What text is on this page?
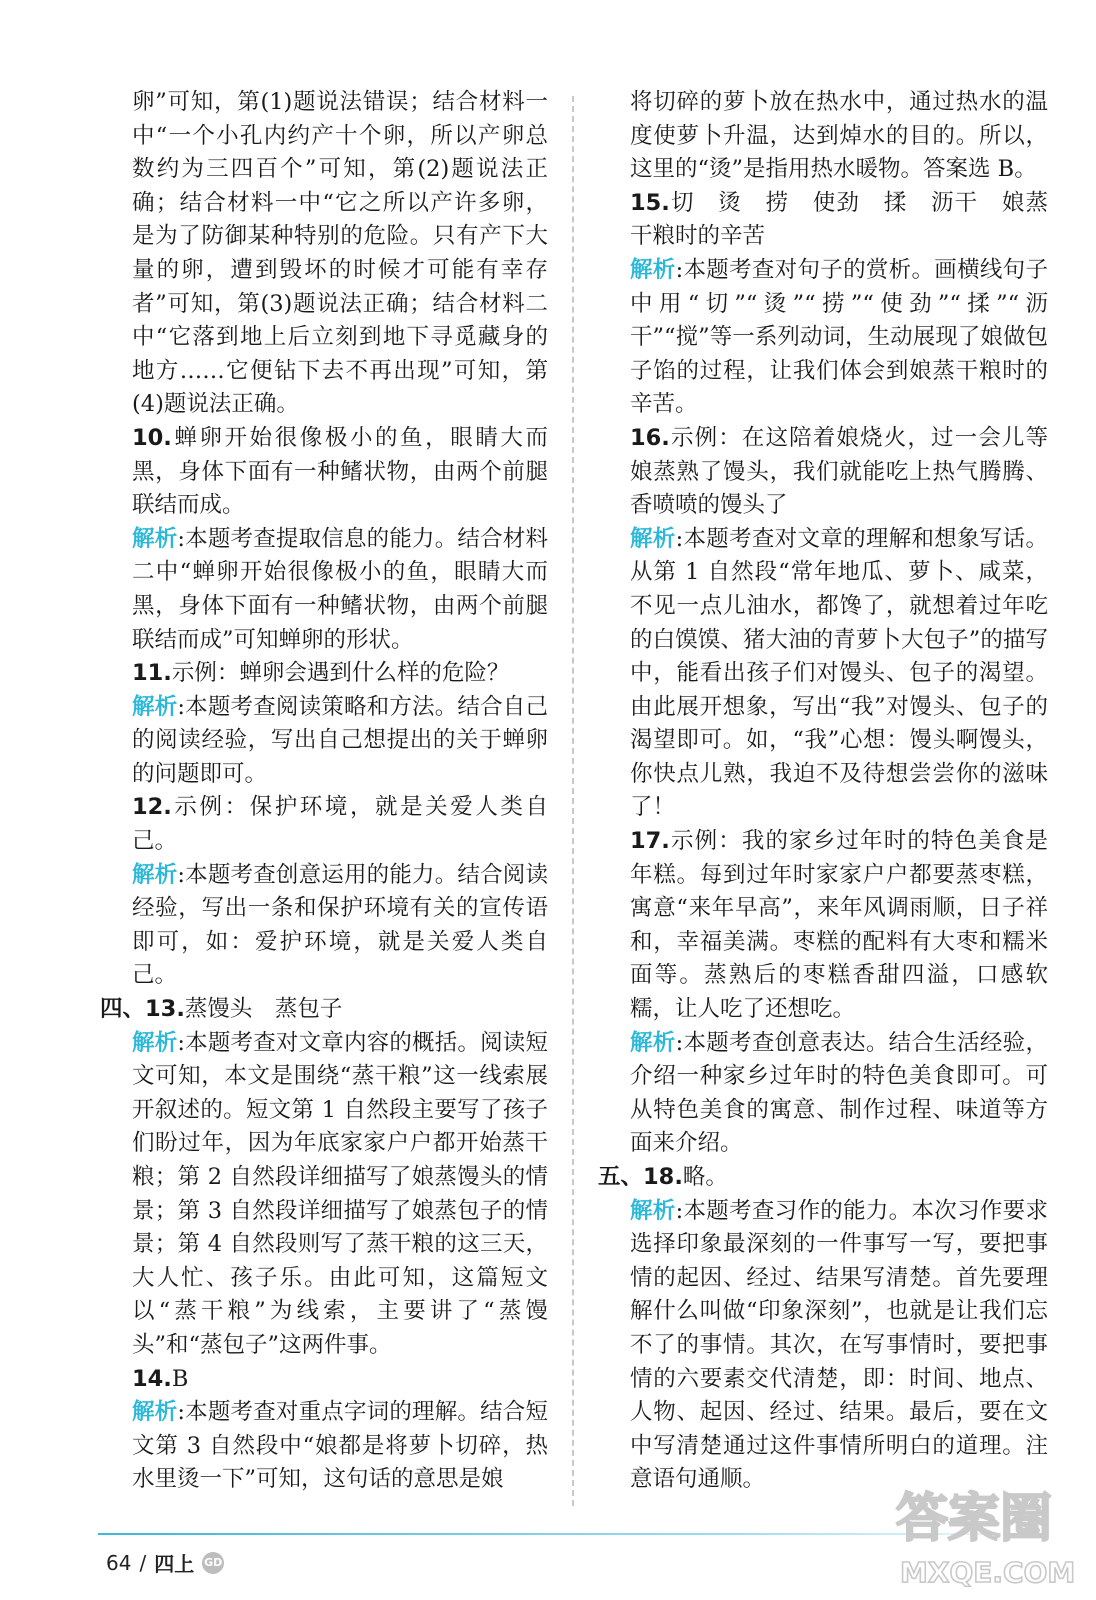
卵”可知，第(1)题说法错误；结合材料一中“一个小孔内约产十个卵，所以产卵总数约为三四百个”可知，第(2)题说法正确；结合材料一中“它之所以产许多卵，是为了防御某种特别的危险。只有产下大量的卵，遭到毁坏的时候才可能有幸存者”可知，第(3)题说法正确；结合材料二中“它落到地上后立刻到地下寻觅藏身的地方……它便钻下去不再出现”可知，第(4)题说法正确。

10.蝉卵开始很像极小的鱼，眼睛大而黑，身体下面有一种鳍状物，由两个前腿联结而成。

解析:本题考查提取信息的能力。结合材料二中“蝉卵开始很像极小的鱼，眼睛大而黑，身体下面有一种鳍状物，由两个前腿联结而成”可知蝉卵的形状。

11.示例：蝉卵会遇到什么样的危险？

解析:本题考查阅读策略和方法。结合自己的阅读经验，写出自己想提出的关于蝉卵的问题即可。

12.示例：保护环境，就是关爱人类自己。

解析:本题考查创意运用的能力。结合阅读经验，写出一条和保护环境有关的宣传语即可，如：爱护环境，就是关爱人类自己。

四、13.蒸馒头　蒸包子

解析:本题考查对文章内容的概括。阅读短文可知，本文是围绕“蒸干粮”这一线索展开叙述的。短文第 1 自然段主要写了孩子们盼过年，因为年底家家户户都开始蒸干粮；第 2 自然段详细描写了娘蒸馒头的情景；第 3 自然段详细描写了娘蒸包子的情景；第 4 自然段则写了蒸干粮的这三天，大人忙、孩子乐。由此可知，这篇短文以“蒸干粮”为线索，主要讲了“蒸馒头”和“蒸包子”这两件事。

14.B

解析:本题考查对重点字词的理解。结合短文第 3 自然段中“娘都是将萝卜切碎，热水里烫一下”可知，这句话的意思是娘

将切碎的萝卜放在热水中，通过热水的温度使萝卜升温，达到焯水的目的。所以，这里的“烫”是指用热水暖物。答案选 B。

15.切　烫　捞　使劲　揉　沥干　娘蒸干粮时的辛苦

解析:本题考查对句子的赏析。画横线句子中用“切”“烫”“捞”“使劲”“揉”“沥干”“搅”等一系列动词，生动展现了娘做包子馅的过程，让我们体会到娘蒸干粮时的辛苦。

16.示例：在这陪着娘烧火，过一会儿等娘蒸熟了馒头，我们就能吃上热气腾腾、香喷喷的馒头了

解析:本题考查对文章的理解和想象写话。从第 1 自然段“常年地瓜、萝卜、咸菜，不见一点儿油水，都馋了，就想着过年吃的白馍馍、猪大油的青萝卜大包子”的描写中，能看出孩子们对馒头、包子的渴望。由此展开想象，写出“我”对馒头、包子的渴望即可。如，“我”心想：馒头啊馒头，你快点儿熟，我迫不及待想尝尝你的滋味了！

17.示例：我的家乡过年时的特色美食是年糕。每到过年时家家户户都要蒸枣糕，寓意“来年早高”，来年风调雨顺，日子祥和，幸福美满。枣糕的配料有大枣和糯米面等。蒸熟后的枣糕香甜四溢，口感软糯，让人吃了还想吃。

解析:本题考查创意表达。结合生活经验，介绍一种家乡过年时的特色美食即可。可从特色美食的寓意、制作过程、味道等方面来介绍。

五、18.略。

解析:本题考查习作的能力。本次习作要求选择印象最深刻的一件事写一写，要把事情的起因、经过、结果写清楚。首先要理解什么叫做“印象深刻”，也就是让我们忘不了的事情。其次，在写事情时，要把事情的六要素交代清楚，即：时间、地点、人物、起因、经过、结果。最后，要在文中写清楚通过这件事情所明白的道理。注意语句通顺。

64 / 四上 GD
答案圈
MXQE.COM
